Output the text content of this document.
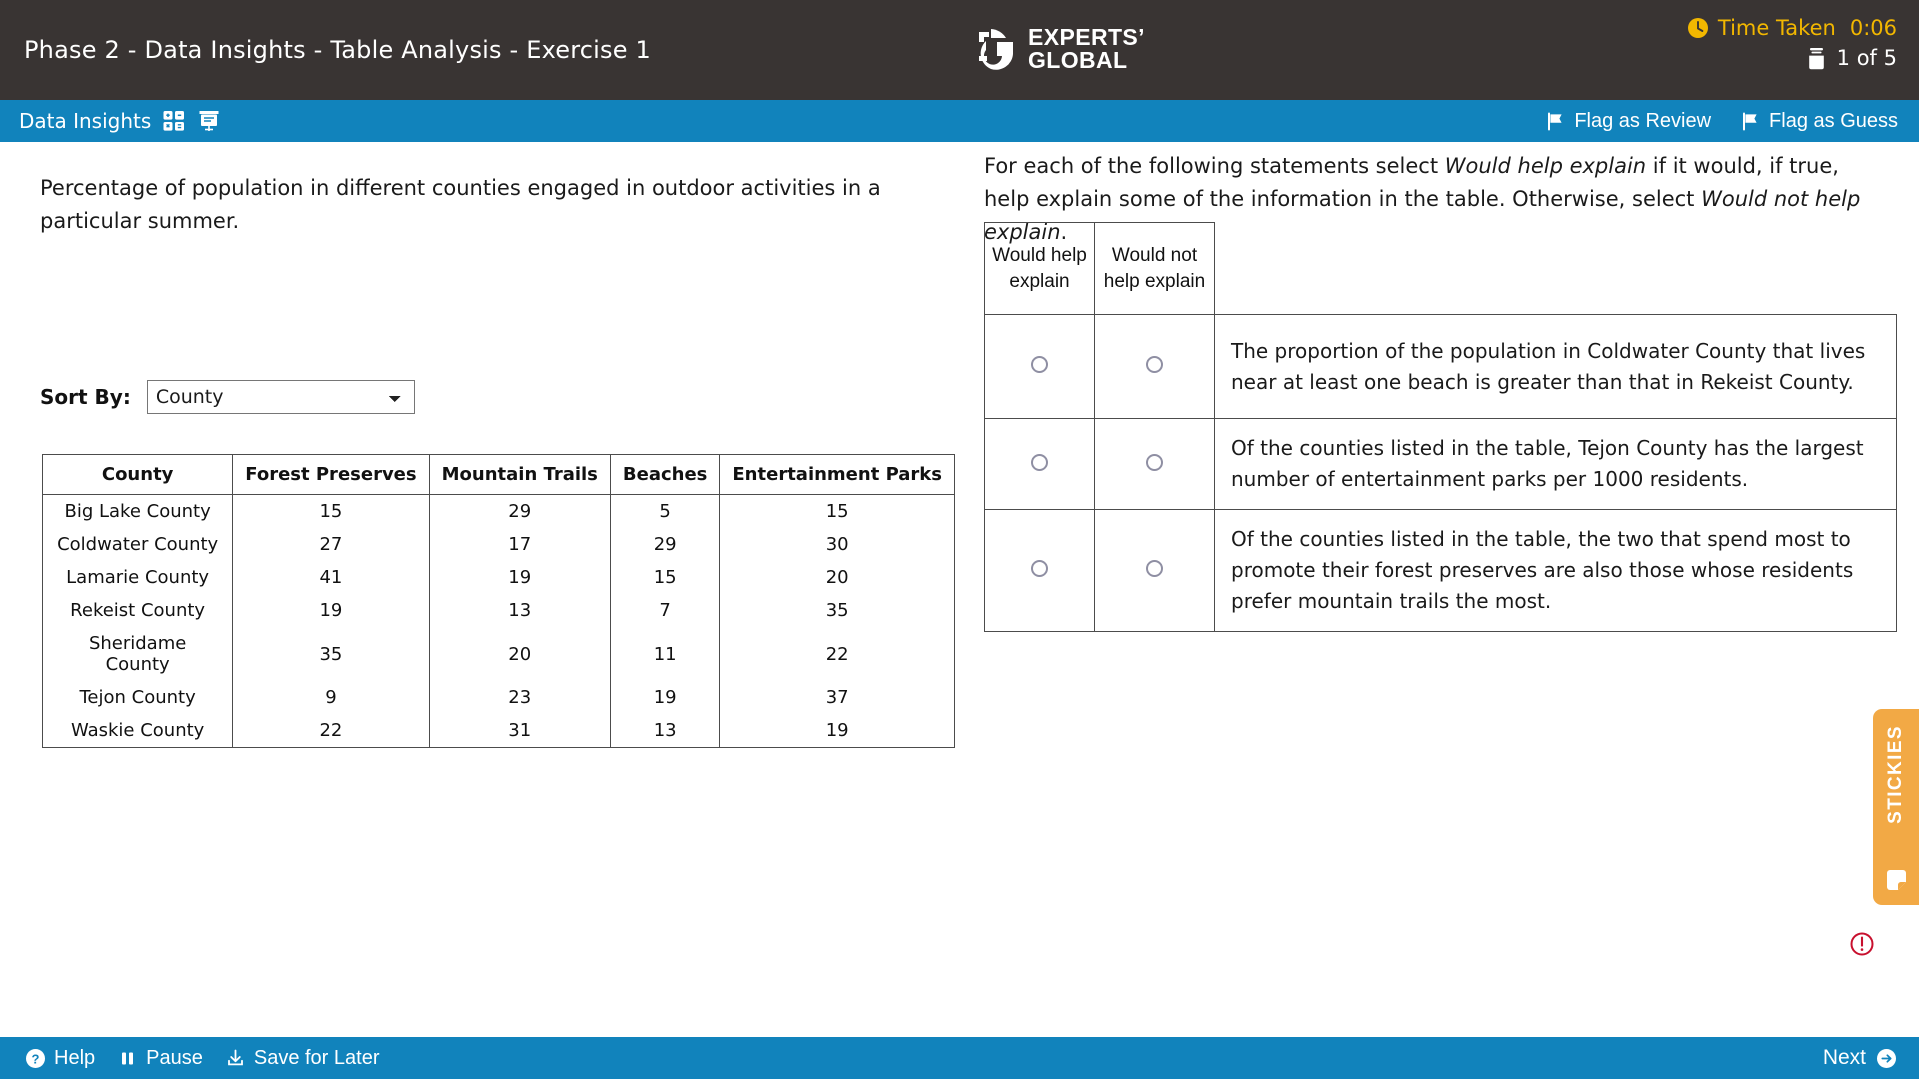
Phase 2 - Data Insights - Table Analysis - Exercise 1	EXPERTS’
GLOBAL
Time Taken 0:06
1 of 5
Data Insights	Flag as Review	Flag as Guess
Percentage of population in different counties engaged in outdoor activities in a particular summer.
Sort By:
County
County	Forest Preserves	Mountain Trails	Beaches	Entertainment Parks
Big Lake County	15	29	5	15
Coldwater County	27	17	29	30
Lamarie County	41	19	15	20
Rekeist County	19	13	7	35
Sheridame County	35	20	11	22
Tejon County	9	23	19	37
Waskie County	22	31	13	19
For each of the following statements select Would help explain if it would, if true, help explain some of the information in the table. Otherwise, select Would not help explain.
Would help explain	Would not help explain	
		The proportion of the population in Coldwater County that lives near at least one beach is greater than that in Rekeist County.
		Of the counties listed in the table, Tejon County has the largest number of entertainment parks per 1000 residents.
		Of the counties listed in the table, the two that spend most to promote their forest preserves are also those whose residents prefer mountain trails the most.
STICKIES
? Help	Pause	Save for Later	Next
